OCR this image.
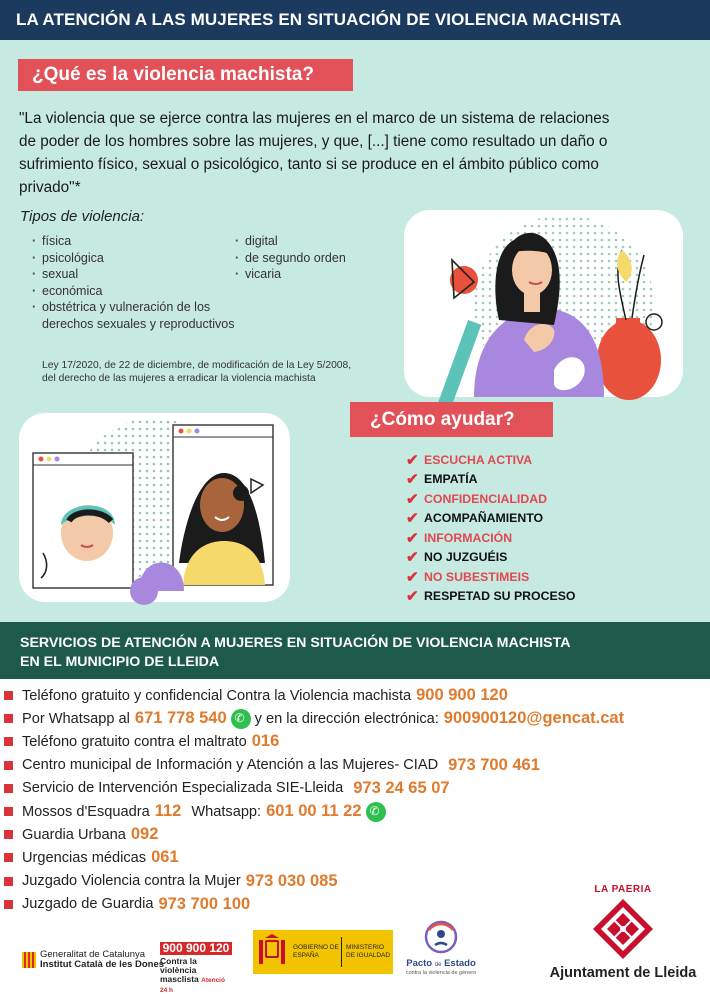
LA ATENCIÓN A LAS MUJERES EN SITUACIÓN DE VIOLENCIA MACHISTA
¿Qué es la violencia machista?

"La violencia que se ejerce contra las mujeres en el marco de un sistema de relaciones de poder de los hombres sobre las mujeres, y que, [...] tiene como resultado un daño o sufrimiento físico, sexual o psicológico, tanto si se produce en el ámbito público como privado"*

Tipos de violencia:
· física
· psicológica
· sexual
· económica
· obstétrica y vulneración de los derechos sexuales y reproductivos
· digital
· de segundo orden
· vicaria

Ley 17/2020, de 22 de diciembre, de modificación de la Ley 5/2008, del derecho de las mujeres a erradicar la violencia machista

¿Cómo ayudar?
✔ ESCUCHA ACTIVA
✔ EMPATÍA
✔ CONFIDENCIALIDAD
✔ ACOMPAÑAMIENTO
✔ INFORMACIÓN
✔ NO JUZGUÉIS
✔ NO SUBESTIMEIS
✔ RESPETAD SU PROCESO
SERVICIOS DE ATENCIÓN A MUJERES EN SITUACIÓN DE VIOLENCIA MACHISTA
EN EL MUNICIPIO DE LLEIDA
Teléfono gratuito y confidencial Contra la Violencia machista 900 900 120
Por Whatsapp al 671 778 540
✆ y en la dirección electrónica: 900900120@gencat.cat
Teléfono gratuito contra el maltrato 016
Centro municipal de Información y Atención a las Mujeres- CIAD 973 700 461
Servicio de Intervención Especializada SIE-Lleida 973 24 65 07
Mossos d'Esquadra 112 Whatsapp: 601 00 11 22
✆
Guardia Urbana 092
Urgencias médicas 061
Juzgado Violencia contra la Mujer 973 030 085
Juzgado de Guardia 973 700 100
Generalitat de Catalunya
Institut Català de les Dones
900 900 120
Contra la violència
masclista Atenció 24 h
GOBIERNO DE ESPAÑA
MINISTERIO DE IGUALDAD
Pacto de Estado
contra la violencia de género
LA PAERIA
Ajuntament de Lleida
